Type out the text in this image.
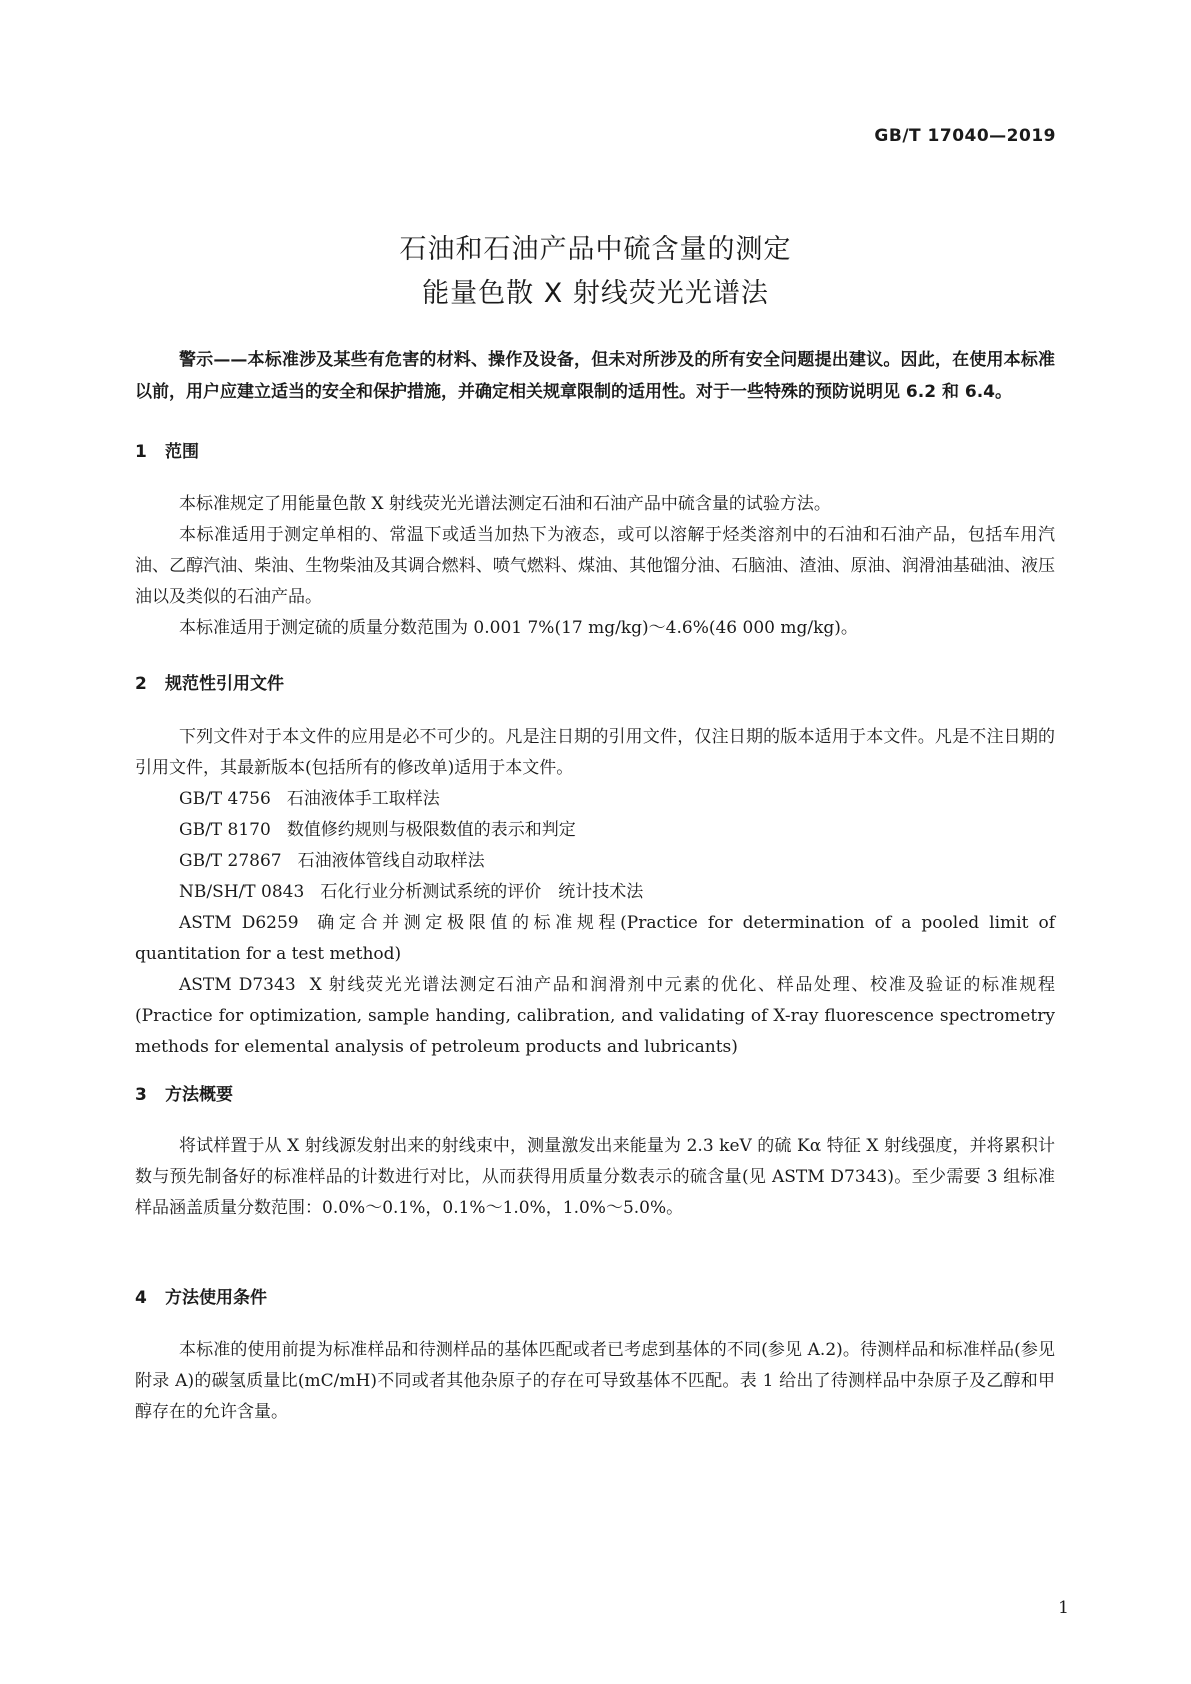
GB/T 17040—2019
石油和石油产品中硫含量的测定
能量色散 X 射线荧光光谱法
警示——本标准涉及某些有危害的材料、操作及设备，但未对所涉及的所有安全问题提出建议。因此，在使用本标准以前，用户应建立适当的安全和保护措施，并确定相关规章限制的适用性。对于一些特殊的预防说明见 6.2 和 6.4。
1 范围

本标准规定了用能量色散 X 射线荧光光谱法测定石油和石油产品中硫含量的试验方法。

本标准适用于测定单相的、常温下或适当加热下为液态，或可以溶解于烃类溶剂中的石油和石油产品，包括车用汽油、乙醇汽油、柴油、生物柴油及其调合燃料、喷气燃料、煤油、其他馏分油、石脑油、渣油、原油、润滑油基础油、液压油以及类似的石油产品。

本标准适用于测定硫的质量分数范围为 0.001 7%(17 mg/kg)～4.6%(46 000 mg/kg)。

2 规范性引用文件

下列文件对于本文件的应用是必不可少的。凡是注日期的引用文件，仅注日期的版本适用于本文件。凡是不注日期的引用文件，其最新版本(包括所有的修改单)适用于本文件。

GB/T 4756 石油液体手工取样法

GB/T 8170 数值修约规则与极限数值的表示和判定

GB/T 27867 石油液体管线自动取样法

NB/SH/T 0843 石化行业分析测试系统的评价　统计技术法

ASTM D6259 确定合并测定极限值的标准规程(Practice for determination of a pooled limit of quantitation for a test method)

ASTM D7343 X 射线荧光光谱法测定石油产品和润滑剂中元素的优化、样品处理、校准及验证的标准规程(Practice for optimization, sample handing, calibration, and validating of X-ray fluorescence spectrometry methods for elemental analysis of petroleum products and lubricants)

3 方法概要

将试样置于从 X 射线源发射出来的射线束中，测量激发出来能量为 2.3 keV 的硫 Kα 特征 X 射线强度，并将累积计数与预先制备好的标准样品的计数进行对比，从而获得用质量分数表示的硫含量(见 ASTM D7343)。至少需要 3 组标准样品涵盖质量分数范围：0.0%～0.1%，0.1%～1.0%，1.0%～5.0%。

4 方法使用条件

本标准的使用前提为标准样品和待测样品的基体匹配或者已考虑到基体的不同(参见 A.2)。待测样品和标准样品(参见附录 A)的碳氢质量比(mC/mH)不同或者其他杂原子的存在可导致基体不匹配。表 1 给出了待测样品中杂原子及乙醇和甲醇存在的允许含量。

1
